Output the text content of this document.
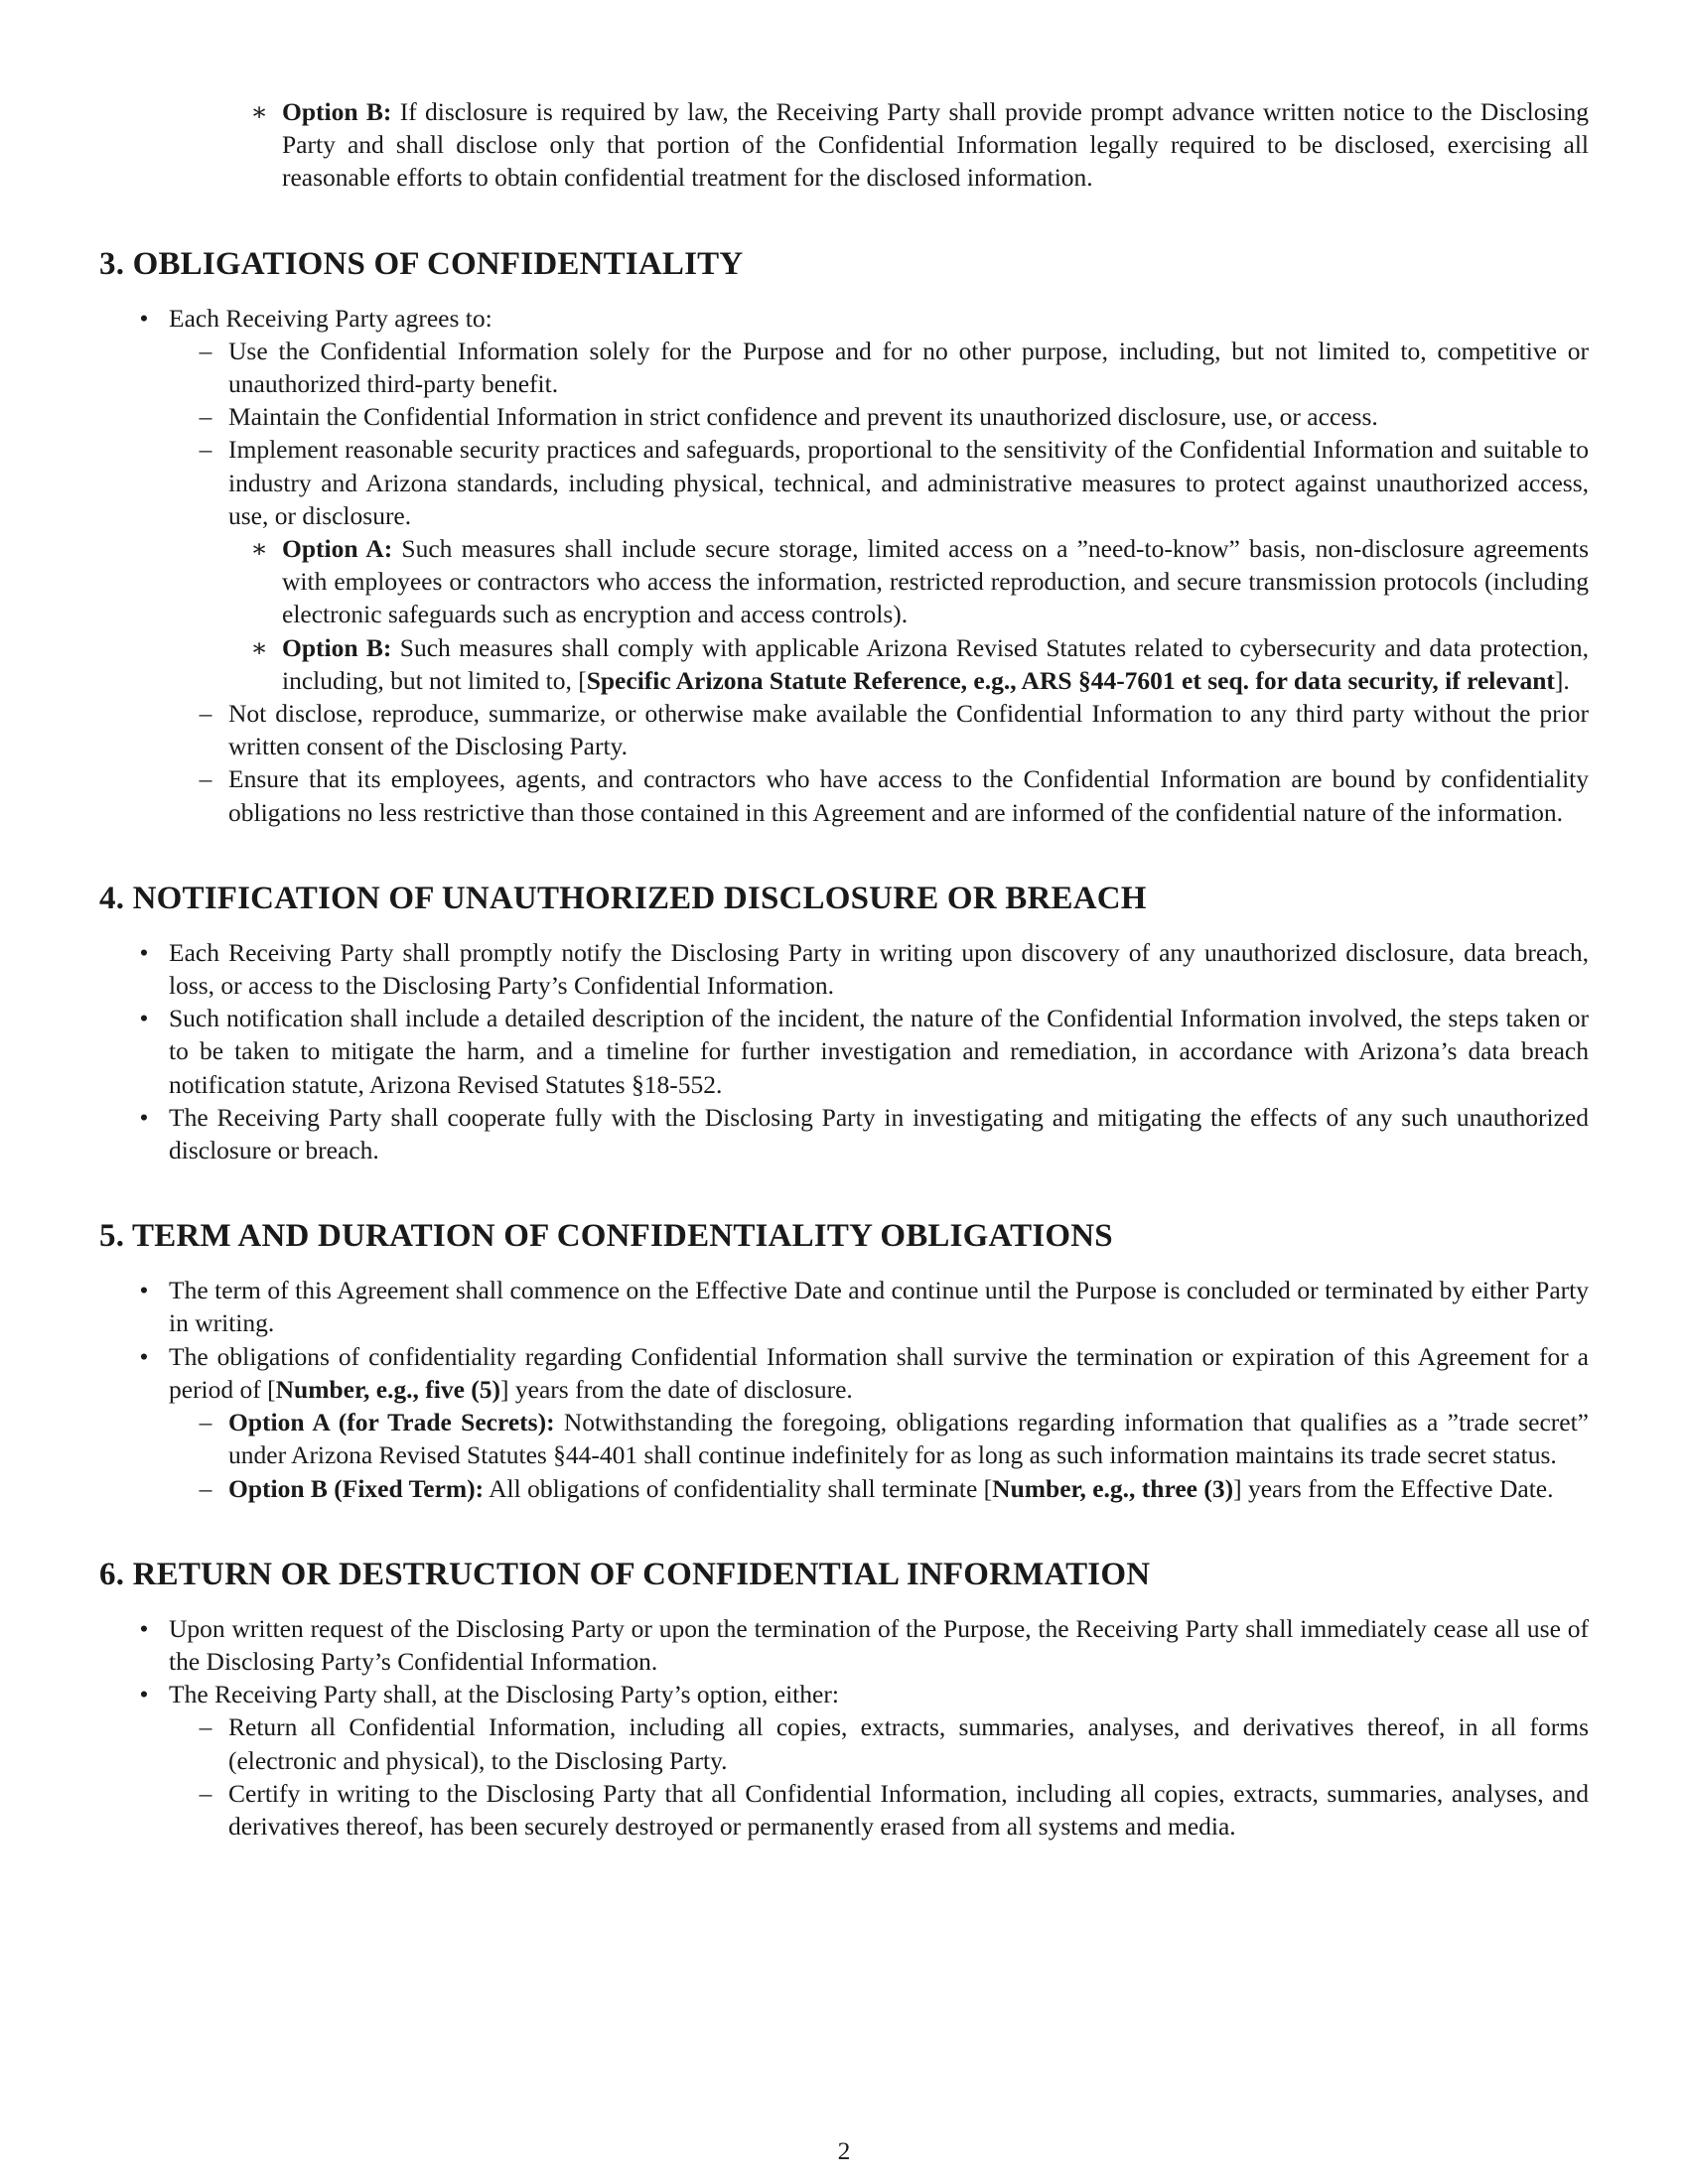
∗ Option B: If disclosure is required by law, the Receiving Party shall provide prompt advance written notice to the Disclosing Party and shall disclose only that portion of the Confidential Information legally required to be disclosed, exercising all reasonable efforts to obtain confidential treatment for the disclosed information.
3. OBLIGATIONS OF CONFIDENTIALITY
• Each Receiving Party agrees to:
– Use the Confidential Information solely for the Purpose and for no other purpose, including, but not limited to, competitive or unauthorized third-party benefit.
– Maintain the Confidential Information in strict confidence and prevent its unauthorized disclosure, use, or access.
– Implement reasonable security practices and safeguards, proportional to the sensitivity of the Confidential Information and suitable to industry and Arizona standards, including physical, technical, and administrative measures to protect against unauthorized access, use, or disclosure.
∗ Option A: Such measures shall include secure storage, limited access on a ”need-to-know” basis, non-disclosure agreements with employees or contractors who access the information, restricted reproduction, and secure transmission protocols (including electronic safeguards such as encryption and access controls).
∗ Option B: Such measures shall comply with applicable Arizona Revised Statutes related to cybersecurity and data protection, including, but not limited to, [Specific Arizona Statute Reference, e.g., ARS §44-7601 et seq. for data security, if relevant].
– Not disclose, reproduce, summarize, or otherwise make available the Confidential Information to any third party without the prior written consent of the Disclosing Party.
– Ensure that its employees, agents, and contractors who have access to the Confidential Information are bound by confidentiality obligations no less restrictive than those contained in this Agreement and are informed of the confidential nature of the information.
4. NOTIFICATION OF UNAUTHORIZED DISCLOSURE OR BREACH
• Each Receiving Party shall promptly notify the Disclosing Party in writing upon discovery of any unauthorized disclosure, data breach, loss, or access to the Disclosing Party’s Confidential Information.
• Such notification shall include a detailed description of the incident, the nature of the Confidential Information involved, the steps taken or to be taken to mitigate the harm, and a timeline for further investigation and remediation, in accordance with Arizona’s data breach notification statute, Arizona Revised Statutes §18-552.
• The Receiving Party shall cooperate fully with the Disclosing Party in investigating and mitigating the effects of any such unauthorized disclosure or breach.
5. TERM AND DURATION OF CONFIDENTIALITY OBLIGATIONS
• The term of this Agreement shall commence on the Effective Date and continue until the Purpose is concluded or terminated by either Party in writing.
• The obligations of confidentiality regarding Confidential Information shall survive the termination or expiration of this Agreement for a period of [Number, e.g., five (5)] years from the date of disclosure.
– Option A (for Trade Secrets): Notwithstanding the foregoing, obligations regarding information that qualifies as a ”trade secret” under Arizona Revised Statutes §44-401 shall continue indefinitely for as long as such information maintains its trade secret status.
– Option B (Fixed Term): All obligations of confidentiality shall terminate [Number, e.g., three (3)] years from the Effective Date.
6. RETURN OR DESTRUCTION OF CONFIDENTIAL INFORMATION
• Upon written request of the Disclosing Party or upon the termination of the Purpose, the Receiving Party shall immediately cease all use of the Disclosing Party’s Confidential Information.
• The Receiving Party shall, at the Disclosing Party’s option, either:
– Return all Confidential Information, including all copies, extracts, summaries, analyses, and derivatives thereof, in all forms (electronic and physical), to the Disclosing Party.
– Certify in writing to the Disclosing Party that all Confidential Information, including all copies, extracts, summaries, analyses, and derivatives thereof, has been securely destroyed or permanently erased from all systems and media.
2
